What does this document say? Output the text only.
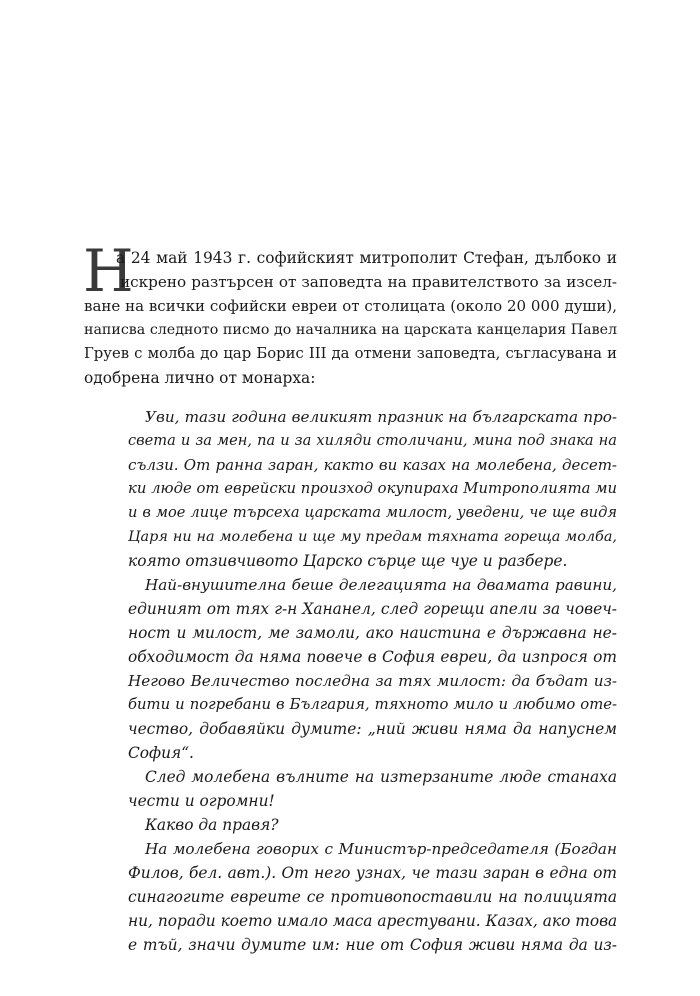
Н
а 24 май 1943 г. софийският митрополит Стефан, дълбоко и
искрено разтърсен от заповедта на правителството за изсел-
ване на всички софийски евреи от столицата (около 20 000 души),
написва следното писмо до началника на царската канцелария Павел
Груев с молба до цар Борис III да отмени заповедта, съгласувана и
одобрена лично от монарха:
Уви, тази година великият празник на българската про-
света и за мен, па и за хиляди столичани, мина под знака на
сълзи. От ранна заран, както ви казах на молебена, десет-
ки люде от еврейски произход окупираха Митрополията ми
и в мое лице търсеха царската милост, уведени, че ще видя
Царя ни на молебена и ще му предам тяхната гореща молба,
която отзивчивото Царско сърце ще чуе и разбере.
Най-внушителна беше делегацията на двамата равини,
единият от тях г-н Хананел, след горещи апели за човеч-
ност и милост, ме замоли, ако наистина е държавна не-
обходимост да няма повече в София евреи, да изпрося от
Негово Величество последна за тях милост: да бъдат из-
бити и погребани в България, тяхното мило и любимо оте-
чество, добавяйки думите: „ний живи няма да напуснем
София“.
След молебена вълните на изтерзаните люде станаха
чести и огромни!
Какво да правя?
На молебена говорих с Министър-председателя (Богдан
Филов, бел. авт.). От него узнах, че тази заран в една от
синагогите евреите се противопоставили на полицията
ни, поради което имало маса арестувани. Казах, ако това
е тъй, значи думите им: ние от София живи няма да из-
